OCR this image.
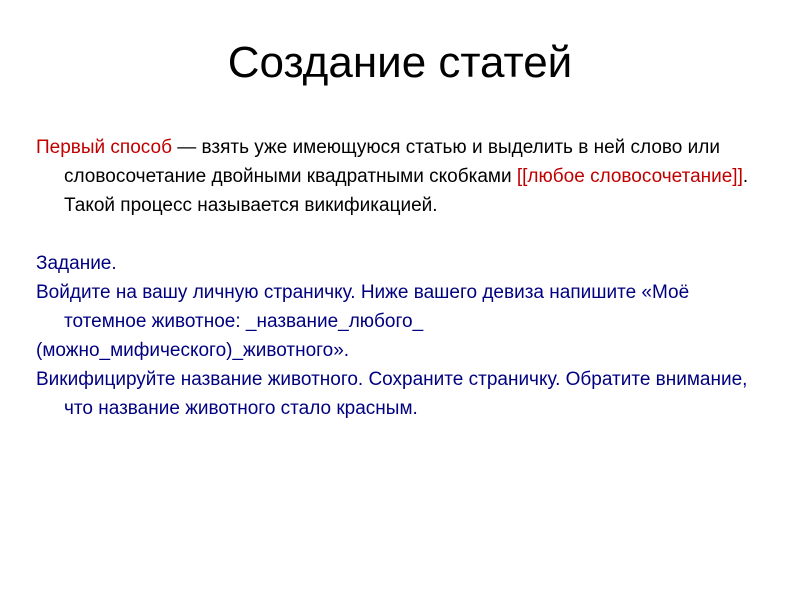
Создание статей

Первый способ — взять уже имеющуюся статью и выделить в ней слово или словосочетание двойными квадратными скобками [[любое словосочетание]]. Такой процесс называется викификацией.

Задание.

Войдите на вашу личную страничку. Ниже вашего девиза напишите «Моё тотемное животное: _название_любого_

(можно_мифического)_животного».

Викифицируйте название животного. Сохраните страничку. Обратите внимание, что название животного стало красным.
